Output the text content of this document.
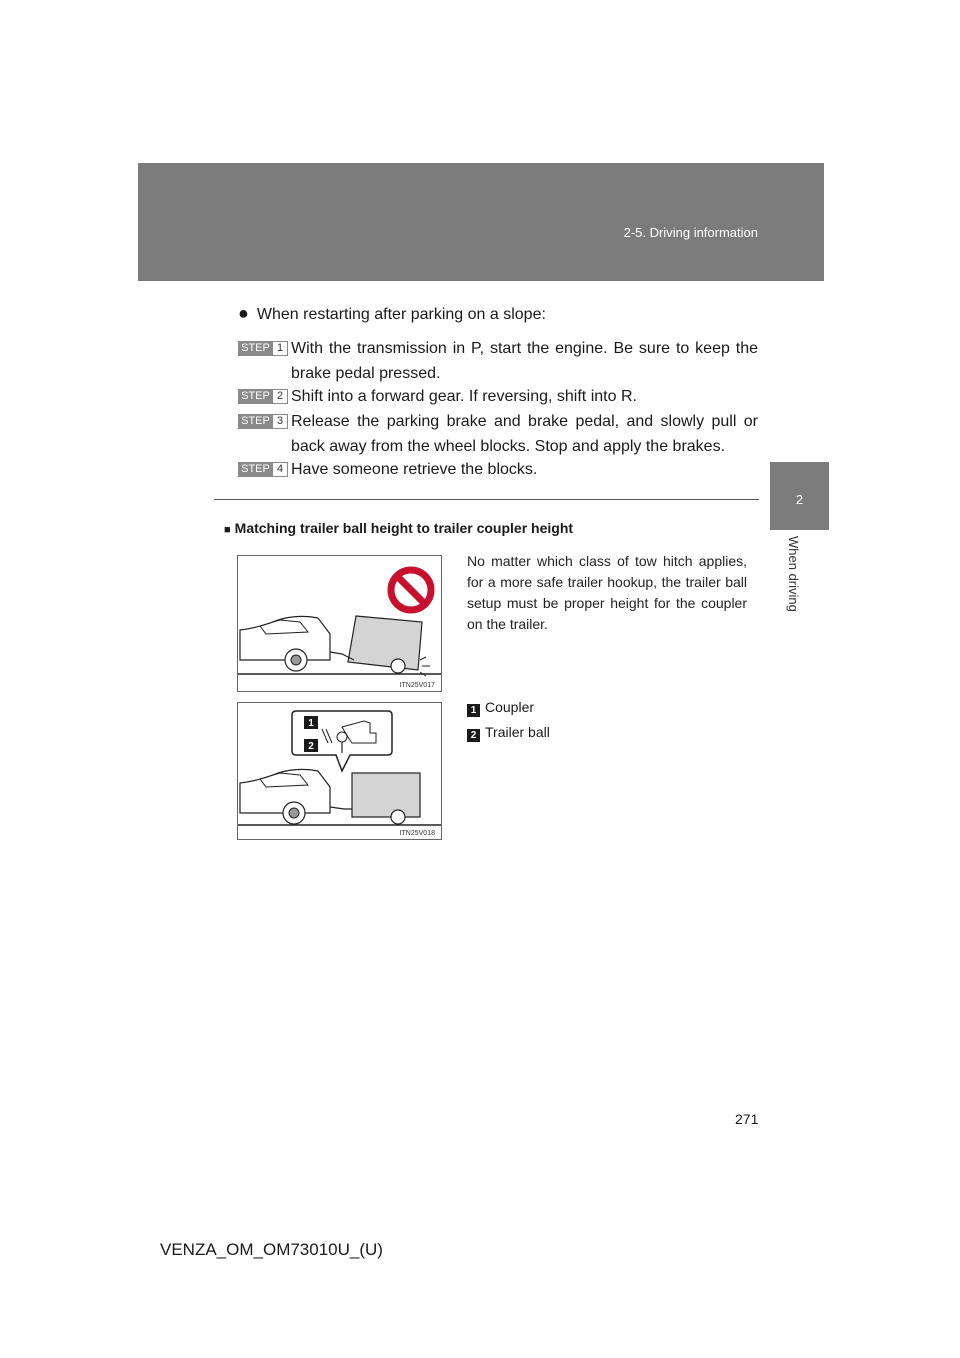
2-5. Driving information
2
When driving
● When restarting after parking on a slope:
STEP 1 With the transmission in P, start the engine. Be sure to keep the brake pedal pressed.
STEP 2 Shift into a forward gear. If reversing, shift into R.
STEP 3 Release the parking brake and brake pedal, and slowly pull or back away from the wheel blocks. Stop and apply the brakes.
STEP 4 Have someone retrieve the blocks.
■ Matching trailer ball height to trailer coupler height
ITN25V017
1
2
ITN25V018
No matter which class of tow hitch applies, for a more safe trailer hookup, the trailer ball setup must be proper height for the coupler on the trailer.
1 Coupler
2 Trailer ball
271
VENZA_OM_OM73010U_(U)
